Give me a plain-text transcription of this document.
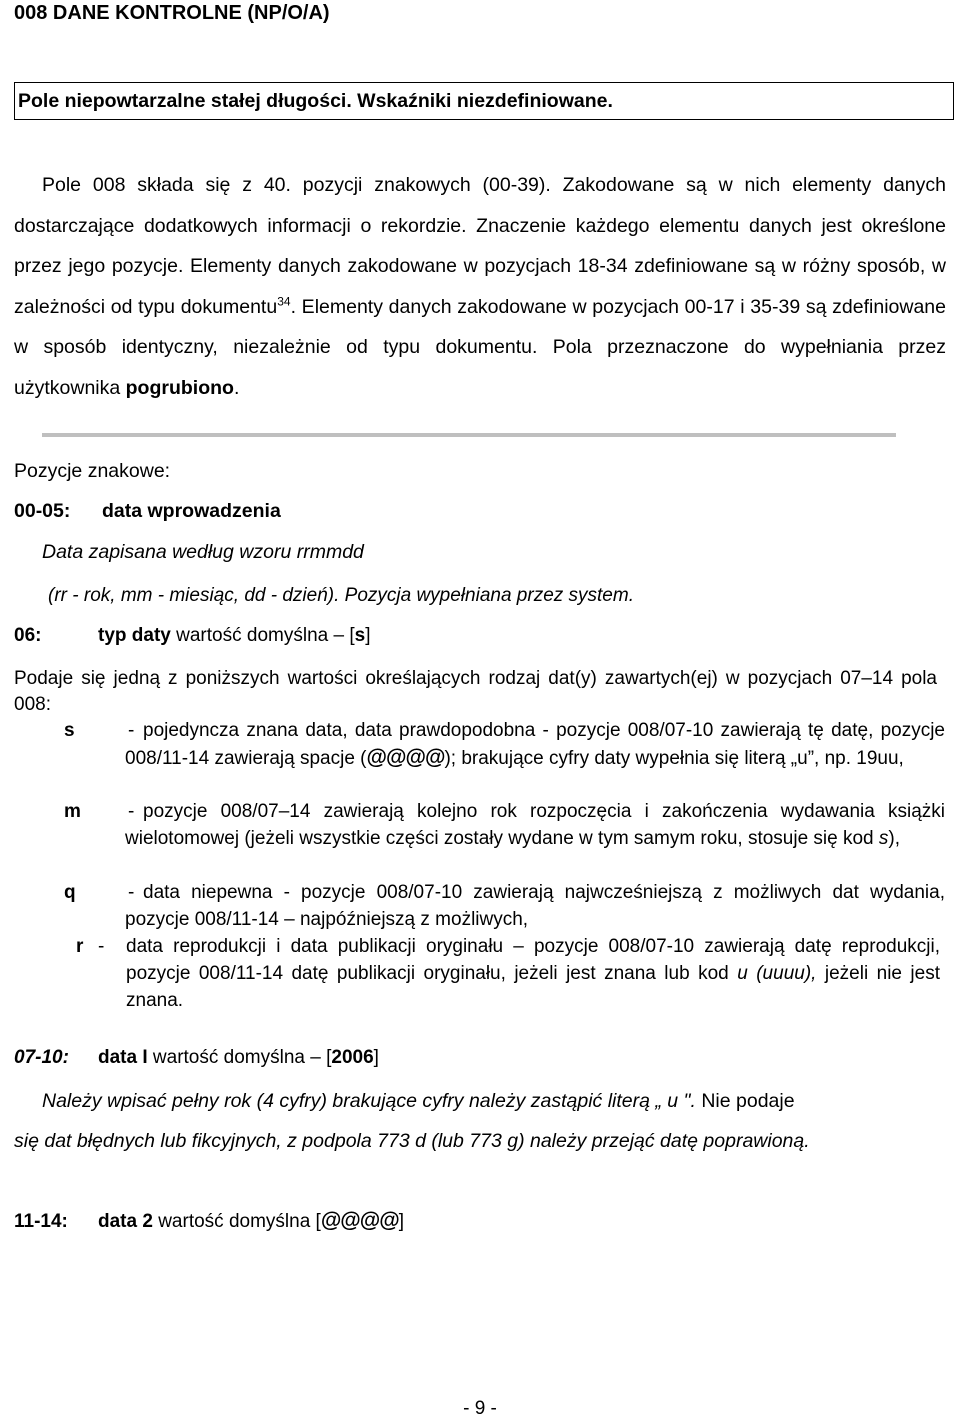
008 DANE KONTROLNE (NP/O/A)
Pole niepowtarzalne stałej długości. Wskaźniki niezdefiniowane.

Pole 008 składa się z 40. pozycji znakowych (00-39). Zakodowane są w nich elementy danych dostarczające dodatkowych informacji o rekordzie. Znaczenie każdego elementu danych jest określone przez jego pozycje. Elementy danych zakodowane w pozycjach 18-34 zdefiniowane są w różny sposób, w zależności od typu dokumentu$^{34}$. Elementy danych zakodowane w pozycjach 00-17 i 35-39 są zdefiniowane w sposób identyczny, niezależnie od typu dokumentu. Pola przeznaczone do wypełniania przez użytkownika pogrubiono.

Pozycje znakowe:
00-05: data wprowadzenia
Data zapisana według wzoru rrmmdd
(rr - rok, mm - miesiąc, dd - dzień). Pozycja wypełniana przez system.
06:	typ daty wartość domyślna – [s]
Podaje się jedną z poniższych wartości określających rodzaj dat(y) zawartych(ej) w pozycjach 07–14 pola 008:
s	- pojedyncza znana data, data prawdopodobna - pozycje 008/07-10 zawierają tę datę, pozycje 008/11-14 zawierają spacje (@@@@); brakujące cyfry daty wypełnia się literą „u”, np. 19uu,
m - pozycje 008/07–14 zawierają kolejno rok rozpoczęcia i zakończenia wydawania książki wielotomowej (jeżeli wszystkie części zostały wydane w tym samym roku, stosuje się kod s),
q	- data niepewna - pozycje 008/07-10 zawierają najwcześniejszą z możliwych dat wydania, pozycje 008/11-14 – najpóźniejszą z możliwych,
r - data reprodukcji i data publikacji oryginału – pozycje 008/07-10 zawierają datę reprodukcji, pozycje 008/11-14 datę publikacji oryginału, jeżeli jest znana lub kod u (uuuu), jeżeli nie jest znana.
07-10: data I wartość domyślna – [2006]
Należy wpisać pełny rok (4 cyfry) brakujące cyfry należy zastąpić literą „ u ". Nie podaje
się dat błędnych lub fikcyjnych, z podpola 773 d (lub 773 g) należy przejąć datę poprawioną.
11-14: data 2 wartość domyślna [@@@@]
- 9 -
